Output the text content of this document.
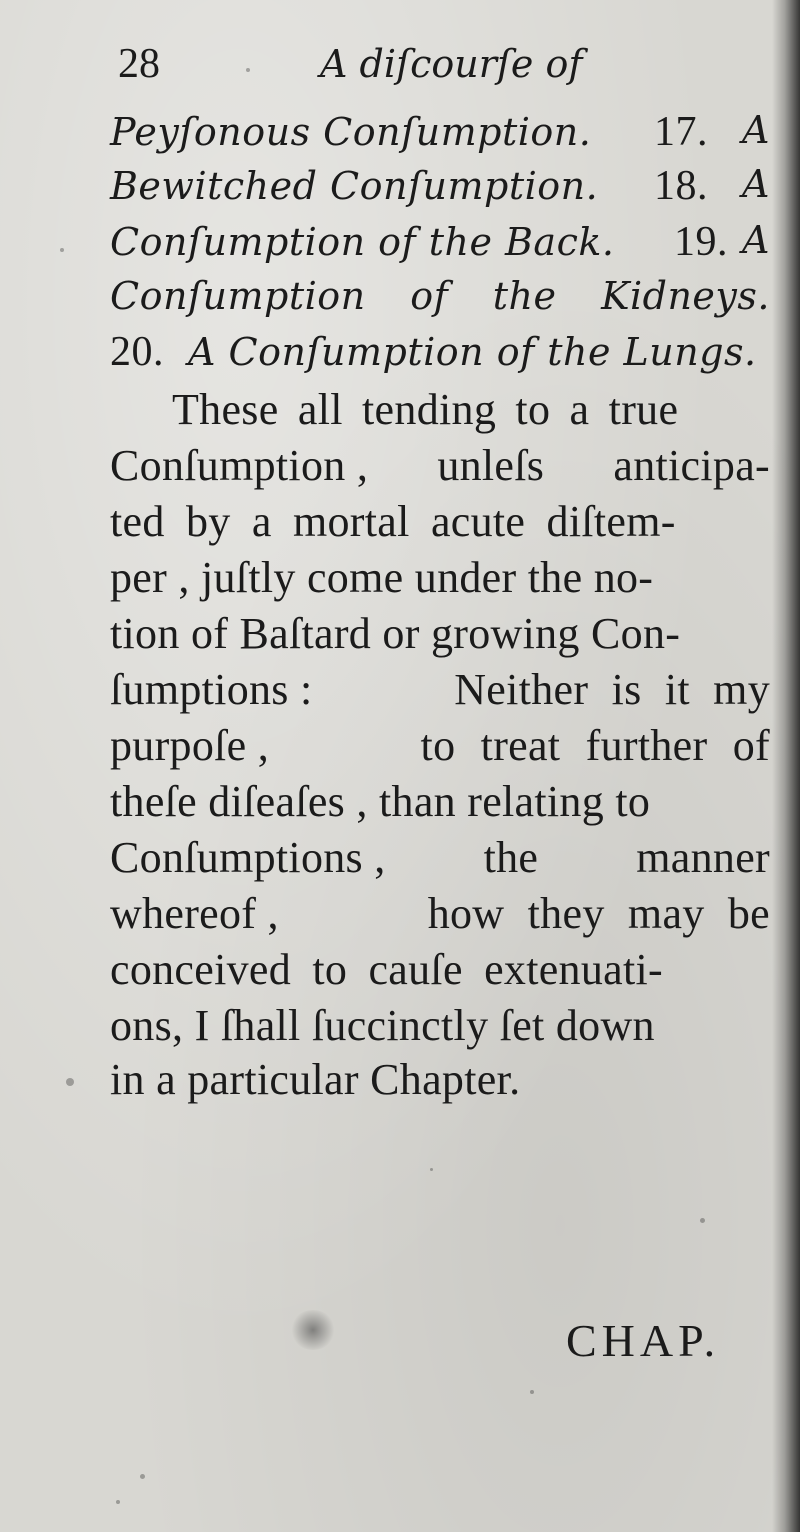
28	A diſcourſe of
Peyſonous Conſumption. 17. A
Bewitched Conſumption. 18. A
Conſumption of the Back. 19. A
Conſumption of the Kidneys.
20. A Conſumption of the Lungs.
These all tending to a true
Conſumption , unleſs anticipa-
ted by a mortal acute diſtem-
per , juſtly come under the no-
tion of Baſtard or growing Con-
ſumptions :	Neither is it my
purpoſe ,	to treat further of
theſe diſeaſes , than relating to
Conſumptions , the manner
whereof ,	how they may be
conceived to cauſe extenuati-
ons, I ſhall ſuccinctly ſet down
in a particular Chapter.
CHAP.
